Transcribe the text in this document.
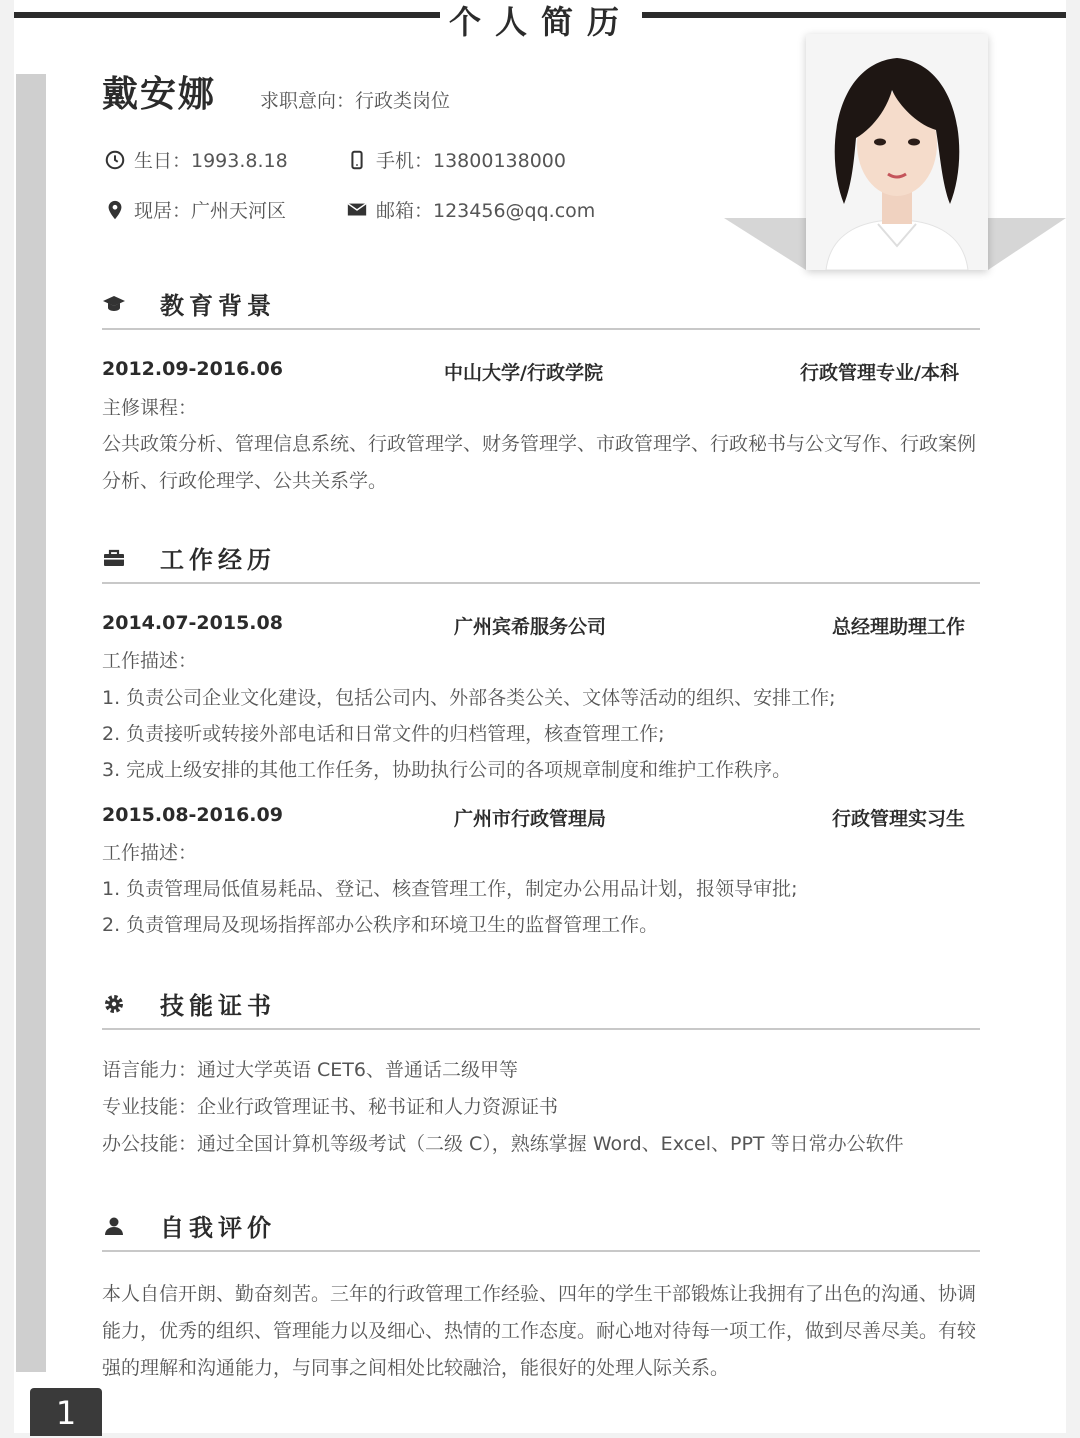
个人简历
戴安娜 求职意向：行政类岗位
生日：1993.8.18	手机：13800138000
现居：广州天河区	邮箱：123456@qq.com
教育背景
2012.09-2016.06	中山大学/行政学院	行政管理专业/本科
主修课程：
公共政策分析、管理信息系统、行政管理学、财务管理学、市政管理学、行政秘书与公文写作、行政案例分析、行政伦理学、公共关系学。
工作经历
2014.07-2015.08	广州宾希服务公司	总经理助理工作
工作描述：
1. 负责公司企业文化建设，包括公司内、外部各类公关、文体等活动的组织、安排工作;
2. 负责接听或转接外部电话和日常文件的归档管理，核查管理工作;
3. 完成上级安排的其他工作任务，协助执行公司的各项规章制度和维护工作秩序。
2015.08-2016.09	广州市行政管理局	行政管理实习生
工作描述：
1. 负责管理局低值易耗品、登记、核查管理工作，制定办公用品计划，报领导审批;
2. 负责管理局及现场指挥部办公秩序和环境卫生的监督管理工作。
技能证书
语言能力：通过大学英语 CET6、普通话二级甲等
专业技能：企业行政管理证书、秘书证和人力资源证书
办公技能：通过全国计算机等级考试（二级 C），熟练掌握 Word、Excel、PPT 等日常办公软件
自我评价
本人自信开朗、勤奋刻苦。三年的行政管理工作经验、四年的学生干部锻炼让我拥有了出色的沟通、协调能力，优秀的组织、管理能力以及细心、热情的工作态度。耐心地对待每一项工作，做到尽善尽美。有较强的理解和沟通能力，与同事之间相处比较融洽，能很好的处理人际关系。
1
